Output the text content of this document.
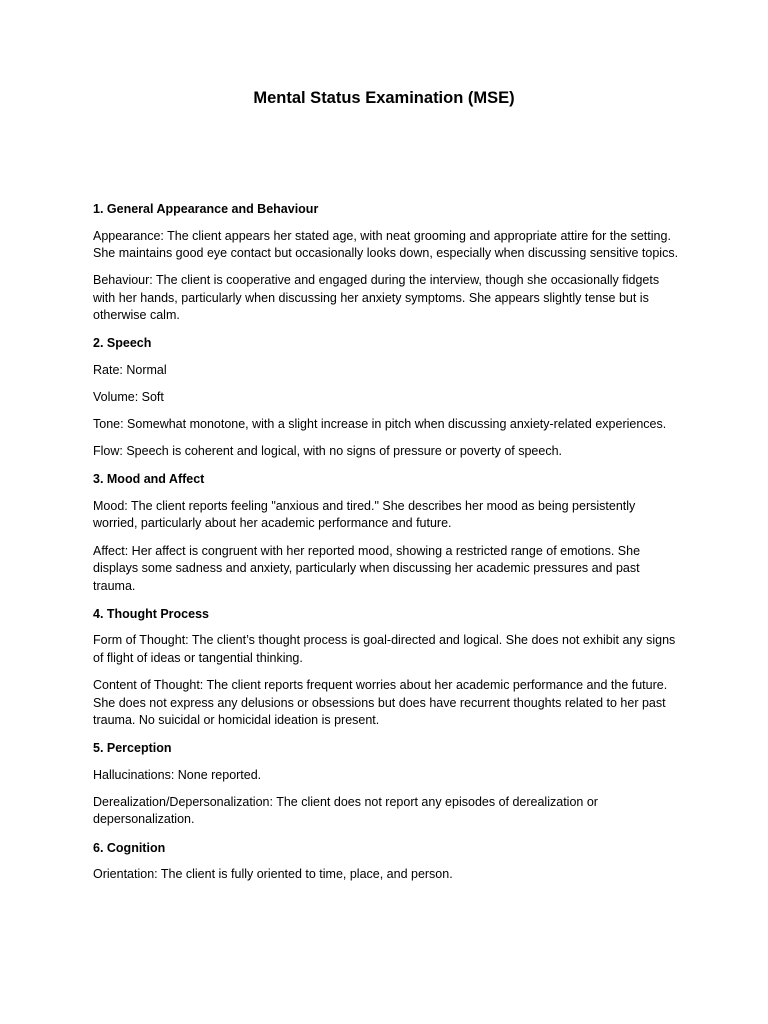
Mental Status Examination (MSE)
1. General Appearance and Behaviour

Appearance: The client appears her stated age, with neat grooming and appropriate attire for the setting. She maintains good eye contact but occasionally looks down, especially when discussing sensitive topics.

Behaviour: The client is cooperative and engaged during the interview, though she occasionally fidgets with her hands, particularly when discussing her anxiety symptoms. She appears slightly tense but is otherwise calm.

2. Speech

Rate: Normal

Volume: Soft

Tone: Somewhat monotone, with a slight increase in pitch when discussing anxiety-related experiences.

Flow: Speech is coherent and logical, with no signs of pressure or poverty of speech.

3. Mood and Affect

Mood: The client reports feeling "anxious and tired." She describes her mood as being persistently worried, particularly about her academic performance and future.

Affect: Her affect is congruent with her reported mood, showing a restricted range of emotions. She displays some sadness and anxiety, particularly when discussing her academic pressures and past trauma.

4. Thought Process

Form of Thought: The client’s thought process is goal-directed and logical. She does not exhibit any signs of flight of ideas or tangential thinking.

Content of Thought: The client reports frequent worries about her academic performance and the future. She does not express any delusions or obsessions but does have recurrent thoughts related to her past trauma. No suicidal or homicidal ideation is present.

5. Perception

Hallucinations: None reported.

Derealization/Depersonalization: The client does not report any episodes of derealization or depersonalization.

6. Cognition

Orientation: The client is fully oriented to time, place, and person.
